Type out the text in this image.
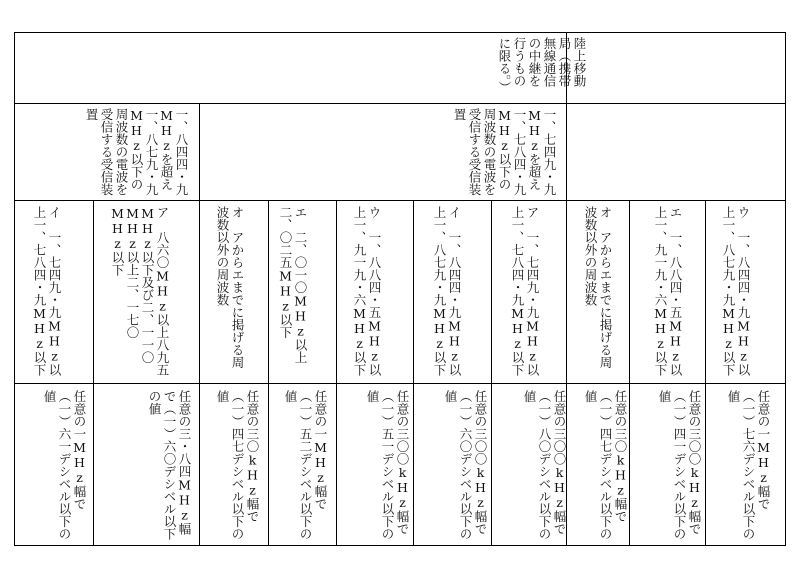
陸上移動局（携帯無線通信の中継を行うものに限る。）
一、七四九・九MHzを超え一、七八四・九MHz以下の周波数の電波を受信する受信装置
一、八四四・九MHzを超え一、八七九・九MHz以下の周波数の電波を受信する受信装置
ウ　一、八四四・九MHz以上一、八七九・九MHz以下
エ　一、八八四・五MHz以上一、九一九・六MHz以下
オ　アからエまでに掲げる周波数以外の周波数
ア　一、七四九・九MHz以上一、七八四・九MHz以下
イ　一、八四四・九MHz以上一、八七九・九MHz以下
ウ　一、八八四・五MHz以上一、九一九・六MHz以下
エ　二、〇一〇MHz以上二、〇二五MHz以下
オ　アからエまでに掲げる周波数以外の周波数
ア　八六〇MHz以上八九五MHz以下及び二、一一〇MHz以上二、一七〇MHz以下
イ　一、七四九・九MHz以上一、七八四・九MHz以下
任意の一MHz幅で（一）七六デシベル以下の値
任意の三〇〇kHz幅で（一）四一デシベル以下の値
任意の三〇kHz幅で（一）四七デシベル以下の値
任意の三〇〇kHz幅で（一）八〇デシベル以下の値
任意の三〇〇kHz幅で（一）六〇デシベル以下の値
任意の三〇〇kHz幅で（一）五一デシベル以下の値
任意の一MHz幅で（一）五二デシベル以下の値
任意の三〇kHz幅で（一）四七デシベル以下の値
任意の三・八四MHz幅で（一）六〇デシベル以下の値
任意の一MHz幅で（一）六一デシベル以下の値
